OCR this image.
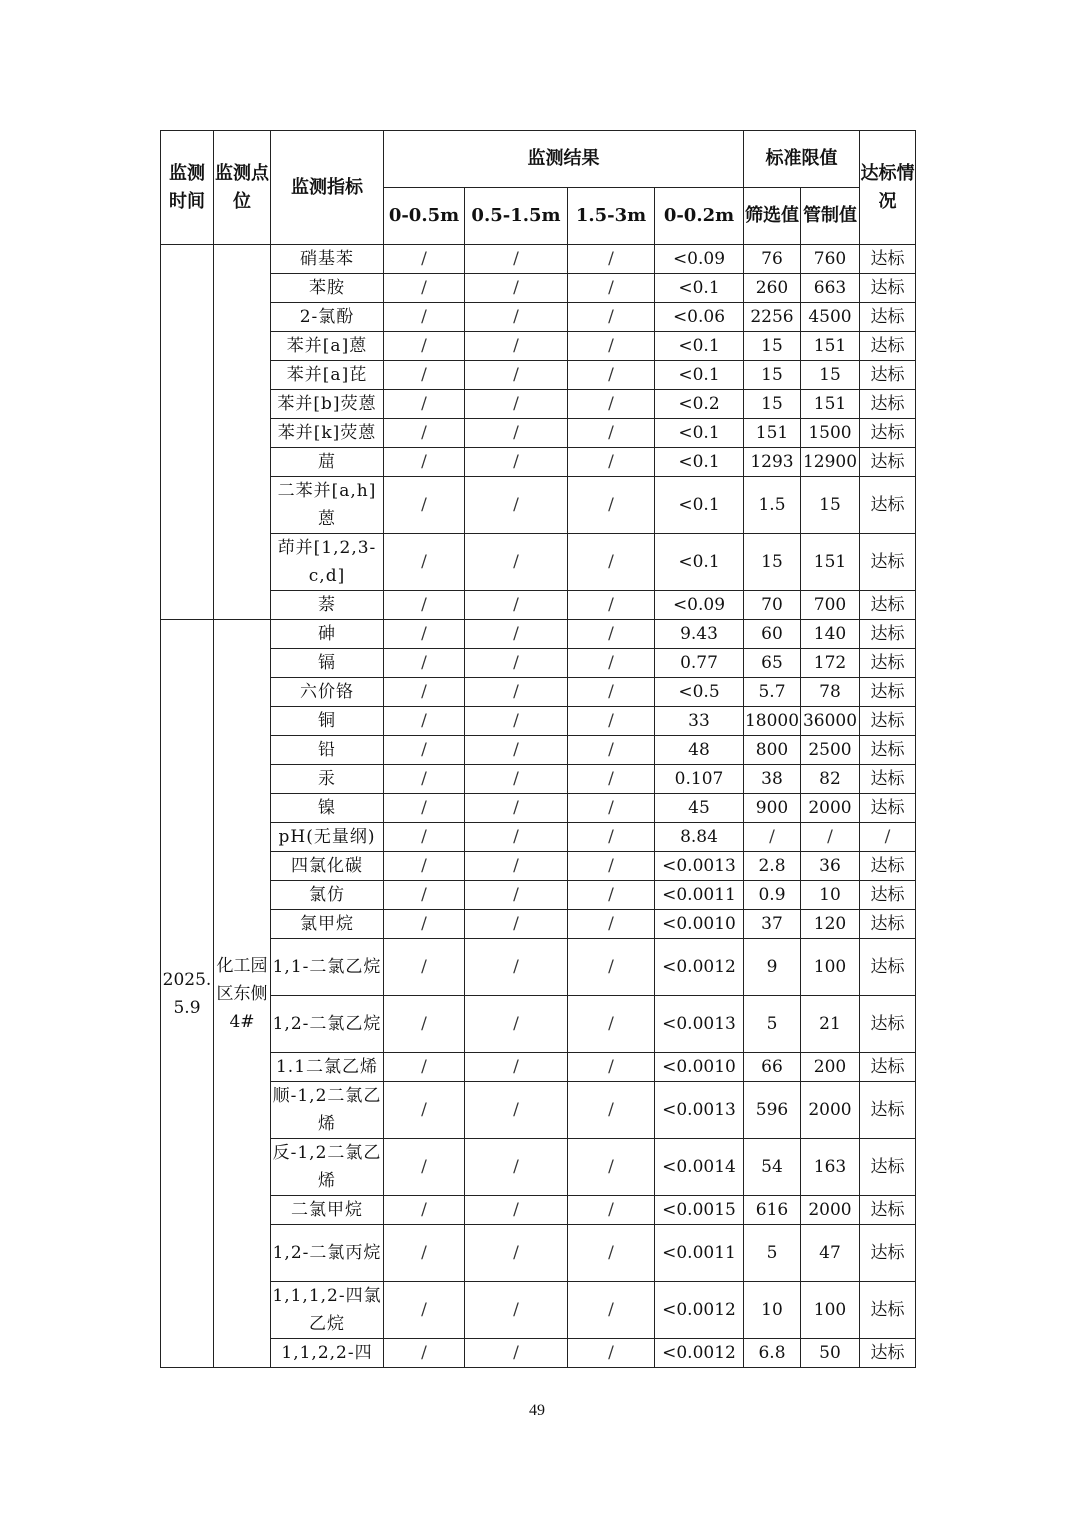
监测时间	监测点位	监测指标	监测结果				标准限值		达标情况
			0-0.5m	0.5-1.5m	1.5-3m	0-0.2m	筛选值	管制值	
		硝基苯	/	/	/	<0.09	76	760	达标
		苯胺	/	/	/	<0.1	260	663	达标
		2-氯酚	/	/	/	<0.06	2256	4500	达标
		苯并[a]蒽	/	/	/	<0.1	15	151	达标
		苯并[a]芘	/	/	/	<0.1	15	15	达标
		苯并[b]荧蒽	/	/	/	<0.2	15	151	达标
		苯并[k]荧蒽	/	/	/	<0.1	151	1500	达标
		䓛	/	/	/	<0.1	1293	12900	达标
		二苯并[a,h]蒽	/	/	/	<0.1	1.5	15	达标
		茚并[1,2,3-c,d]	/	/	/	<0.1	15	151	达标
		萘	/	/	/	<0.09	70	700	达标
2025.5.9	化工园区东侧4#	砷	/	/	/	9.43	60	140	达标
		镉	/	/	/	0.77	65	172	达标
		六价铬	/	/	/	<0.5	5.7	78	达标
		铜	/	/	/	33	18000	36000	达标
		铅	/	/	/	48	800	2500	达标
		汞	/	/	/	0.107	38	82	达标
		镍	/	/	/	45	900	2000	达标
		pH(无量纲)	/	/	/	8.84	/	/	/
		四氯化碳	/	/	/	<0.0013	2.8	36	达标
		氯仿	/	/	/	<0.0011	0.9	10	达标
		氯甲烷	/	/	/	<0.0010	37	120	达标
		1,1-二氯乙烷	/	/	/	<0.0012	9	100	达标
		1,2-二氯乙烷	/	/	/	<0.0013	5	21	达标
		1.1二氯乙烯	/	/	/	<0.0010	66	200	达标
		顺-1,2二氯乙烯	/	/	/	<0.0013	596	2000	达标
		反-1,2二氯乙烯	/	/	/	<0.0014	54	163	达标
		二氯甲烷	/	/	/	<0.0015	616	2000	达标
		1,2-二氯丙烷	/	/	/	<0.0011	5	47	达标
		1,1,1,2-四氯乙烷	/	/	/	<0.0012	10	100	达标
		1,1,2,2-四	/	/	/	<0.0012	6.8	50	达标
49
